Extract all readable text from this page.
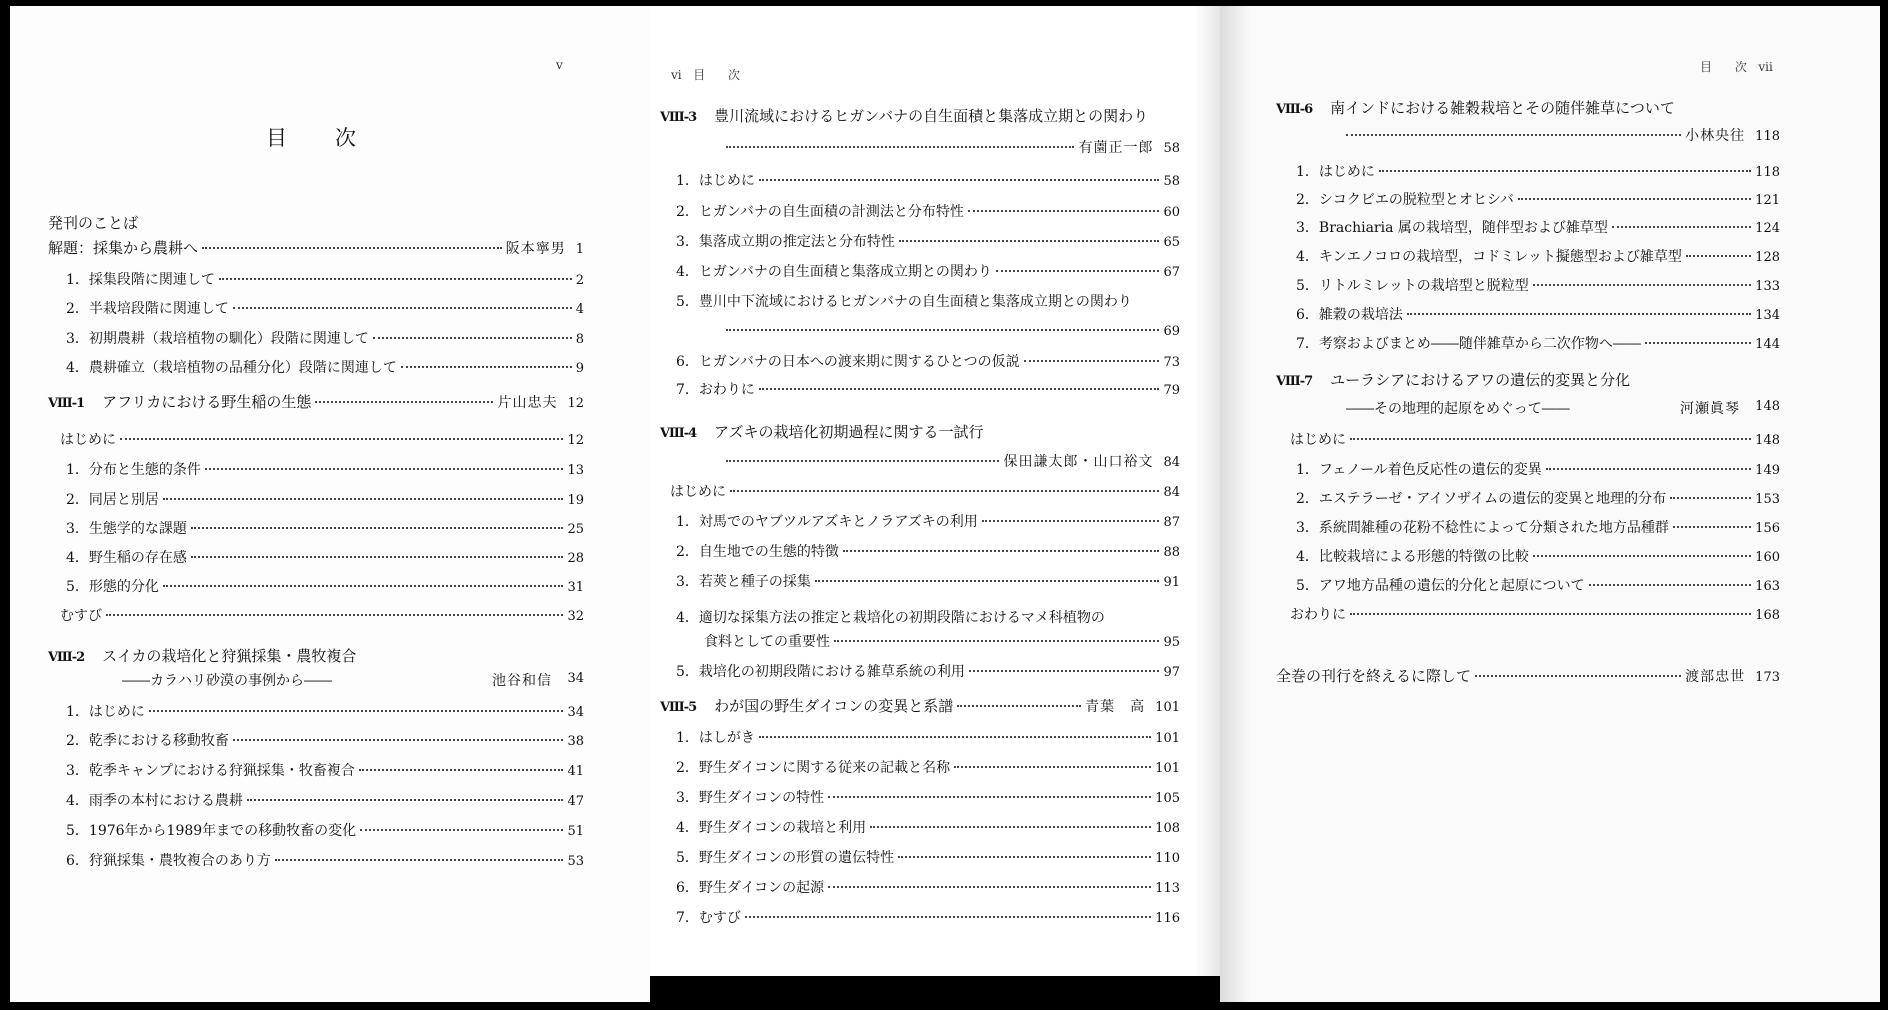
v
目 次
発刊のことば
解題：採集から農耕へ	阪本寧男 1
1．採集段階に関連して	2
2．半栽培段階に関連して	4
3．初期農耕（栽培植物の馴化）段階に関連して	8
4．農耕確立（栽培植物の品種分化）段階に関連して	9
Ⅷ‑1 アフリカにおける野生稲の生態	片山忠夫 12
はじめに	12
1．分布と生態的条件	13
2．同居と別居	19
3．生態学的な課題	25
4．野生稲の存在感	28
5．形態的分化	31
むすび	32
Ⅷ‑2 スイカの栽培化と狩猟採集・農牧複合
――カラハリ砂漠の事例から――	池谷和信 34
1．はじめに	34
2．乾季における移動牧畜	38
3．乾季キャンプにおける狩猟採集・牧畜複合	41
4．雨季の本村における農耕	47
5．1976年から1989年までの移動牧畜の変化	51
6．狩猟採集・農牧複合のあり方	53
vi 目 次
Ⅷ‑3 豊川流域におけるヒガンバナの自生面積と集落成立期との関わり
有薗正一郎 58
1．はじめに	58
2．ヒガンバナの自生面積の計測法と分布特性	60
3．集落成立期の推定法と分布特性	65
4．ヒガンバナの自生面積と集落成立期との関わり	67
5．豊川中下流域におけるヒガンバナの自生面積と集落成立期との関わり
69
6．ヒガンバナの日本への渡来期に関するひとつの仮説	73
7．おわりに	79
Ⅷ‑4 アズキの栽培化初期過程に関する一試行
保田謙太郎・山口裕文 84
はじめに	84
1．対馬でのヤブツルアズキとノラアズキの利用	87
2．自生地での生態的特徴	88
3．若莢と種子の採集	91
4．適切な採集方法の推定と栽培化の初期段階におけるマメ科植物の
食料としての重要性	95
5．栽培化の初期段階における雑草系統の利用	97
Ⅷ‑5 わが国の野生ダイコンの変異と系譜	青葉　高 101
1．はしがき	101
2．野生ダイコンに関する従来の記載と名称	101
3．野生ダイコンの特性	105
4．野生ダイコンの栽培と利用	108
5．野生ダイコンの形質の遺伝特性	110
6．野生ダイコンの起源	113
7．むすび	116
目 次 vii
Ⅷ‑6 南インドにおける雑穀栽培とその随伴雑草について
小林央往 118
1．はじめに	118
2．シコクビエの脱粒型とオヒシバ	121
3．Brachiaria 属の栽培型，随伴型および雑草型	124
4．キンエノコロの栽培型，コドミレット擬態型および雑草型	128
5．リトルミレットの栽培型と脱粒型	133
6．雑穀の栽培法	134
7．考察およびまとめ――随伴雑草から二次作物へ――	144
Ⅷ‑7 ユーラシアにおけるアワの遺伝的変異と分化
――その地理的起原をめぐって――	河瀬眞琴 148
はじめに	148
1．フェノール着色反応性の遺伝的変異	149
2．エステラーゼ・アイソザイムの遺伝的変異と地理的分布	153
3．系統間雑種の花粉不稔性によって分類された地方品種群	156
4．比較栽培による形態的特徴の比較	160
5．アワ地方品種の遺伝的分化と起原について	163
おわりに	168
全巻の刊行を終えるに際して	渡部忠世 173
